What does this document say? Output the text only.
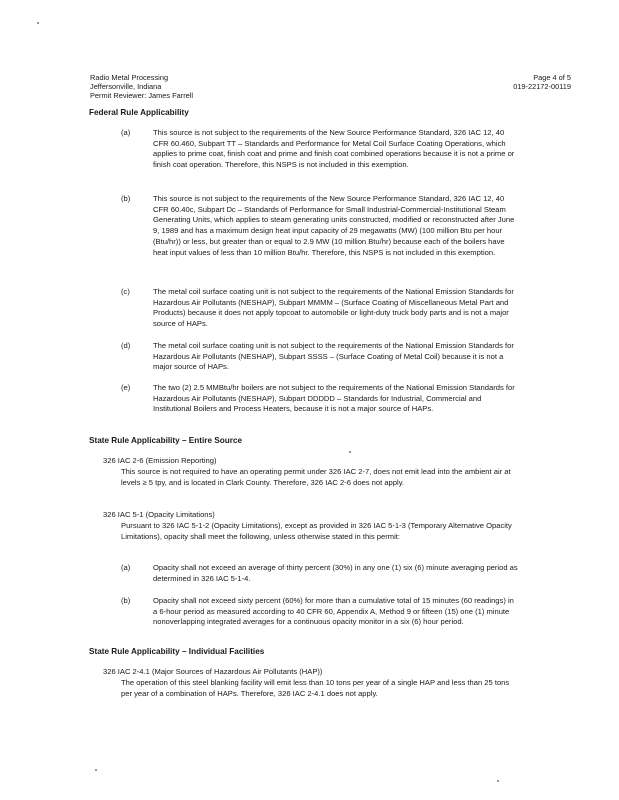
Radio Metal Processing
Jeffersonville, Indiana
Permit Reviewer: James Farrell
Page 4 of 5
019-22172-00119
Federal Rule Applicability
(a)	This source is not subject to the requirements of the New Source Performance Standard, 326 IAC 12, 40 CFR 60.460, Subpart TT – Standards and Performance for Metal Coil Surface Coating Operations, which applies to prime coat, finish coat and prime and finish coat combined operations because it is not a prime or finish coat operation. Therefore, this NSPS is not included in this exemption.
(b)	This source is not subject to the requirements of the New Source Performance Standard, 326 IAC 12, 40 CFR 60.40c, Subpart Dc – Standards of Performance for Small Industrial-Commercial-Institutional Steam Generating Units, which applies to steam generating units constructed, modified or reconstructed after June 9, 1989 and has a maximum design heat input capacity of 29 megawatts (MW) (100 million Btu per hour (Btu/hr)) or less, but greater than or equal to 2.9 MW (10 million Btu/hr) because each of the boilers have heat input values of less than 10 million Btu/hr. Therefore, this NSPS is not included in this exemption.
(c)	The metal coil surface coating unit is not subject to the requirements of the National Emission Standards for Hazardous Air Pollutants (NESHAP), Subpart MMMM – (Surface Coating of Miscellaneous Metal Part and Products) because it does not apply topcoat to automobile or light-duty truck body parts and is not a major source of HAPs.
(d)	The metal coil surface coating unit is not subject to the requirements of the National Emission Standards for Hazardous Air Pollutants (NESHAP), Subpart SSSS – (Surface Coating of Metal Coil) because it is not a major source of HAPs.
(e)	The two (2) 2.5 MMBtu/hr boilers are not subject to the requirements of the National Emission Standards for Hazardous Air Pollutants (NESHAP), Subpart DDDDD – Standards for Industrial, Commercial and Institutional Boilers and Process Heaters, because it is not a major source of HAPs.
State Rule Applicability – Entire Source
326 IAC 2-6 (Emission Reporting)
This source is not required to have an operating permit under 326 IAC 2-7, does not emit lead into the ambient air at levels ≥ 5 tpy, and is located in Clark County. Therefore, 326 IAC 2-6 does not apply.
326 IAC 5-1 (Opacity Limitations)
Pursuant to 326 IAC 5-1-2 (Opacity Limitations), except as provided in 326 IAC 5-1-3 (Temporary Alternative Opacity Limitations), opacity shall meet the following, unless otherwise stated in this permit:
(a)	Opacity shall not exceed an average of thirty percent (30%) in any one (1) six (6) minute averaging period as determined in 326 IAC 5-1-4.
(b)	Opacity shall not exceed sixty percent (60%) for more than a cumulative total of 15 minutes (60 readings) in a 6-hour period as measured according to 40 CFR 60, Appendix A, Method 9 or fifteen (15) one (1) minute nonoverlapping integrated averages for a continuous opacity monitor in a six (6) hour period.
State Rule Applicability – Individual Facilities
326 IAC 2-4.1 (Major Sources of Hazardous Air Pollutants (HAP))
The operation of this steel blanking facility will emit less than 10 tons per year of a single HAP and less than 25 tons per year of a combination of HAPs. Therefore, 326 IAC 2-4.1 does not apply.
